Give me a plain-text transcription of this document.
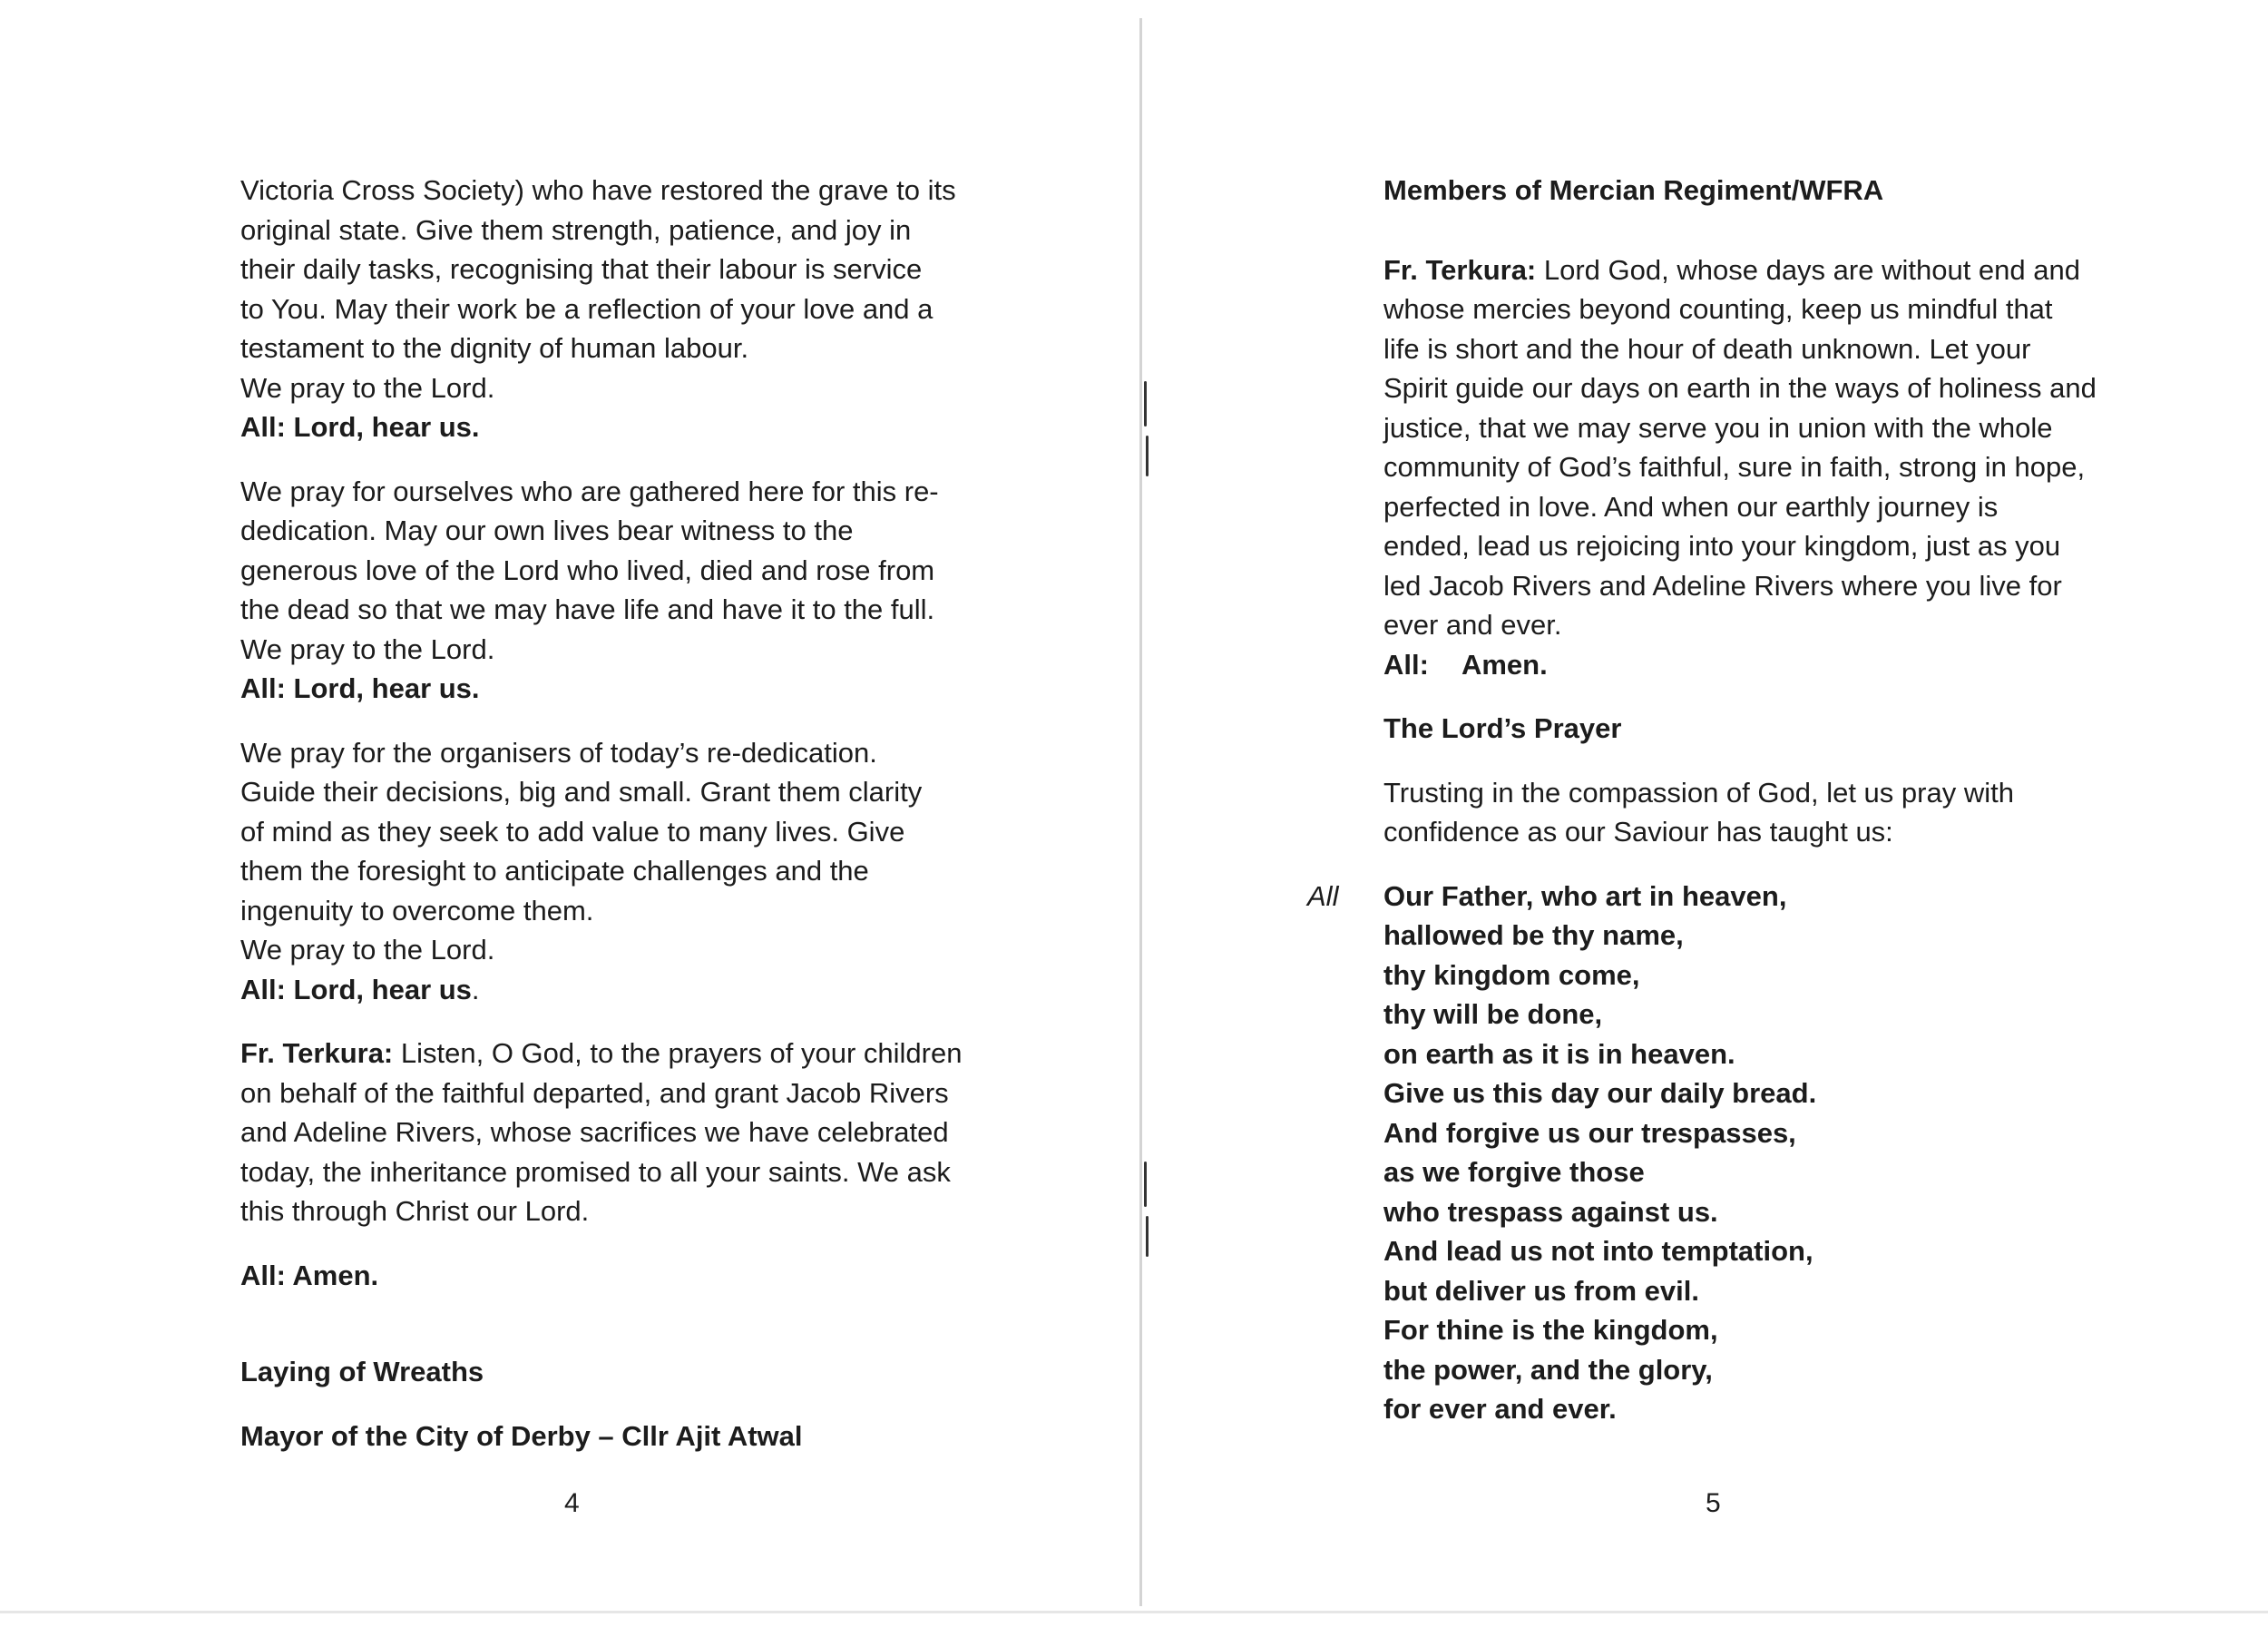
Victoria Cross Society) who have restored the grave to its
original state. Give them strength, patience, and joy in
their daily tasks, recognising that their labour is service
to You. May their work be a reflection of your love and a
testament to the dignity of human labour.
We pray to the Lord.
All: Lord, hear us.
We pray for ourselves who are gathered here for this re-
dedication. May our own lives bear witness to the
generous love of the Lord who lived, died and rose from
the dead so that we may have life and have it to the full.
We pray to the Lord.
All: Lord, hear us.
We pray for the organisers of today’s re-dedication.
Guide their decisions, big and small. Grant them clarity
of mind as they seek to add value to many lives. Give
them the foresight to anticipate challenges and the
ingenuity to overcome them.
We pray to the Lord.
All: Lord, hear us.
Fr. Terkura: Listen, O God, to the prayers of your children
on behalf of the faithful departed, and grant Jacob Rivers
and Adeline Rivers, whose sacrifices we have celebrated
today, the inheritance promised to all your saints. We ask
this through Christ our Lord.
All: Amen.
Laying of Wreaths
Mayor of the City of Derby – Cllr Ajit Atwal
4
Members of Mercian Regiment/WFRA
Fr. Terkura: Lord God, whose days are without end and
whose mercies beyond counting, keep us mindful that
life is short and the hour of death unknown. Let your
Spirit guide our days on earth in the ways of holiness and
justice, that we may serve you in union with the whole
community of God’s faithful, sure in faith, strong in hope,
perfected in love. And when our earthly journey is
ended, lead us rejoicing into your kingdom, just as you
led Jacob Rivers and Adeline Rivers where you live for
ever and ever.
All: Amen.
The Lord’s Prayer
Trusting in the compassion of God, let us pray with
confidence as our Saviour has taught us:
All Our Father, who art in heaven,
hallowed be thy name,
thy kingdom come,
thy will be done,
on earth as it is in heaven.
Give us this day our daily bread.
And forgive us our trespasses,
as we forgive those
who trespass against us.
And lead us not into temptation,
but deliver us from evil.
For thine is the kingdom,
the power, and the glory,
for ever and ever.
5
